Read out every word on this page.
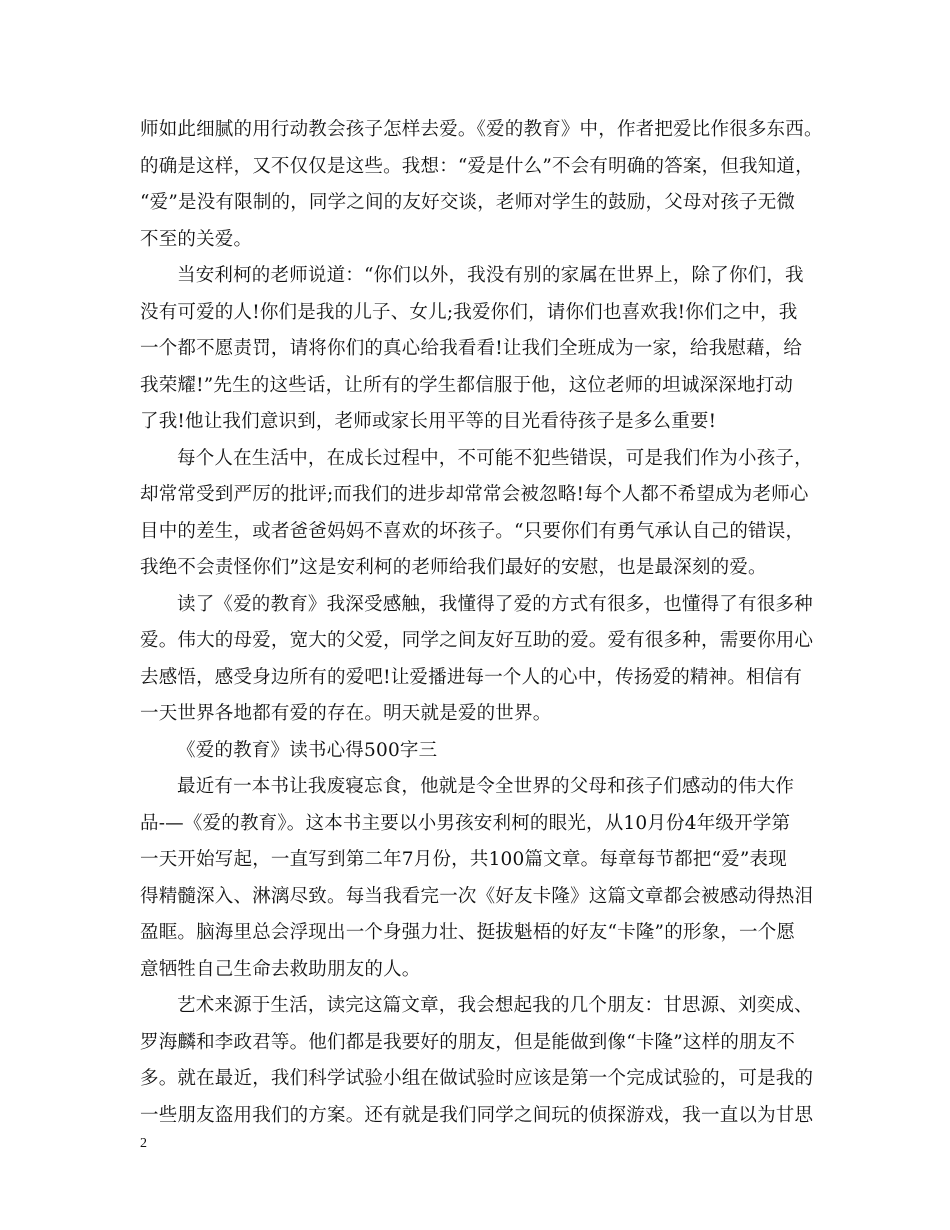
师如此细腻的用行动教会孩子怎样去爱。《爱的教育》中，作者把爱比作很多东西。
的确是这样，又不仅仅是这些。我想：“爱是什么”不会有明确的答案，但我知道，
“爱”是没有限制的，同学之间的友好交谈，老师对学生的鼓励，父母对孩子无微
不至的关爱。
当安利柯的老师说道：“你们以外，我没有别的家属在世界上，除了你们，我
没有可爱的人!你们是我的儿子、女儿;我爱你们，请你们也喜欢我!你们之中，我
一个都不愿责罚，请将你们的真心给我看看!让我们全班成为一家，给我慰藉，给
我荣耀!”先生的这些话，让所有的学生都信服于他，这位老师的坦诚深深地打动
了我!他让我们意识到，老师或家长用平等的目光看待孩子是多么重要!
每个人在生活中，在成长过程中，不可能不犯些错误，可是我们作为小孩子，
却常常受到严厉的批评;而我们的进步却常常会被忽略!每个人都不希望成为老师心
目中的差生，或者爸爸妈妈不喜欢的坏孩子。“只要你们有勇气承认自己的错误，
我绝不会责怪你们”这是安利柯的老师给我们最好的安慰，也是最深刻的爱。
读了《爱的教育》我深受感触，我懂得了爱的方式有很多，也懂得了有很多种
爱。伟大的母爱，宽大的父爱，同学之间友好互助的爱。爱有很多种，需要你用心
去感悟，感受身边所有的爱吧!让爱播进每一个人的心中，传扬爱的精神。相信有
一天世界各地都有爱的存在。明天就是爱的世界。
《爱的教育》读书心得500字三
最近有一本书让我废寝忘食，他就是令全世界的父母和孩子们感动的伟大作
品-—《爱的教育》。这本书主要以小男孩安利柯的眼光，从10月份4年级开学第
一天开始写起，一直写到第二年7月份，共100篇文章。每章每节都把“爱”表现
得精髓深入、淋漓尽致。每当我看完一次《好友卡隆》这篇文章都会被感动得热泪
盈眶。脑海里总会浮现出一个身强力壮、挺拔魁梧的好友“卡隆”的形象，一个愿
意牺牲自己生命去救助朋友的人。
艺术来源于生活，读完这篇文章，我会想起我的几个朋友：甘思源、刘奕成、
罗海麟和李政君等。他们都是我要好的朋友，但是能做到像“卡隆”这样的朋友不
多。就在最近，我们科学试验小组在做试验时应该是第一个完成试验的，可是我的
一些朋友盗用我们的方案。还有就是我们同学之间玩的侦探游戏，我一直以为甘思
2
